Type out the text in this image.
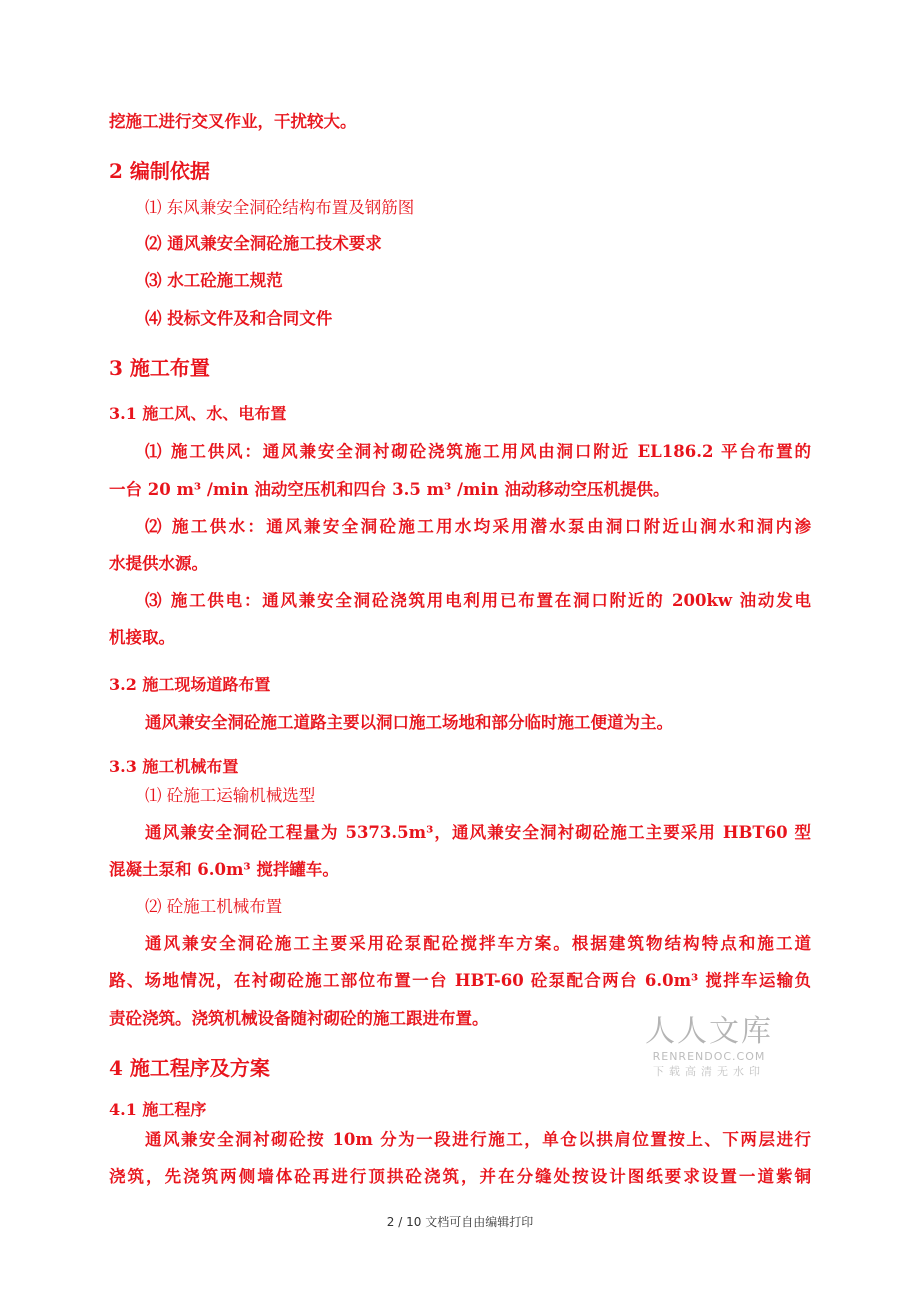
挖施工进行交叉作业，干扰较大。

2 编制依据

⑴ 东风兼安全洞砼结构布置及钢筋图

⑵ 通风兼安全洞砼施工技术要求

⑶ 水工砼施工规范

⑷ 投标文件及和合同文件

3 施工布置

3.1 施工风、水、电布置

⑴ 施工供风：通风兼安全洞衬砌砼浇筑施工用风由洞口附近 EL186.2 平台布置的

一台 20 m³ /min 油动空压机和四台 3.5 m³ /min 油动移动空压机提供。

⑵ 施工供水：通风兼安全洞砼施工用水均采用潜水泵由洞口附近山涧水和洞内渗

水提供水源。

⑶ 施工供电：通风兼安全洞砼浇筑用电利用已布置在洞口附近的 200kw 油动发电

机接取。

3.2 施工现场道路布置

通风兼安全洞砼施工道路主要以洞口施工场地和部分临时施工便道为主。

3.3 施工机械布置

⑴ 砼施工运输机械选型

通风兼安全洞砼工程量为 5373.5m³，通风兼安全洞衬砌砼施工主要采用 HBT60 型

混凝土泵和 6.0m³ 搅拌罐车。

⑵ 砼施工机械布置

通风兼安全洞砼施工主要采用砼泵配砼搅拌车方案。根据建筑物结构特点和施工道

路、场地情况，在衬砌砼施工部位布置一台 HBT-60 砼泵配合两台 6.0m³ 搅拌车运输负

责砼浇筑。浇筑机械设备随衬砌砼的施工跟进布置。

4 施工程序及方案

4.1 施工程序

通风兼安全洞衬砌砼按 10m 分为一段进行施工，单仓以拱肩位置按上、下两层进行

浇筑，先浇筑两侧墙体砼再进行顶拱砼浇筑，并在分缝处按设计图纸要求设置一道紫铜

人人文库
RENRENDOC.COM
下载高清无水印
2 / 10 文档可自由编辑打印
